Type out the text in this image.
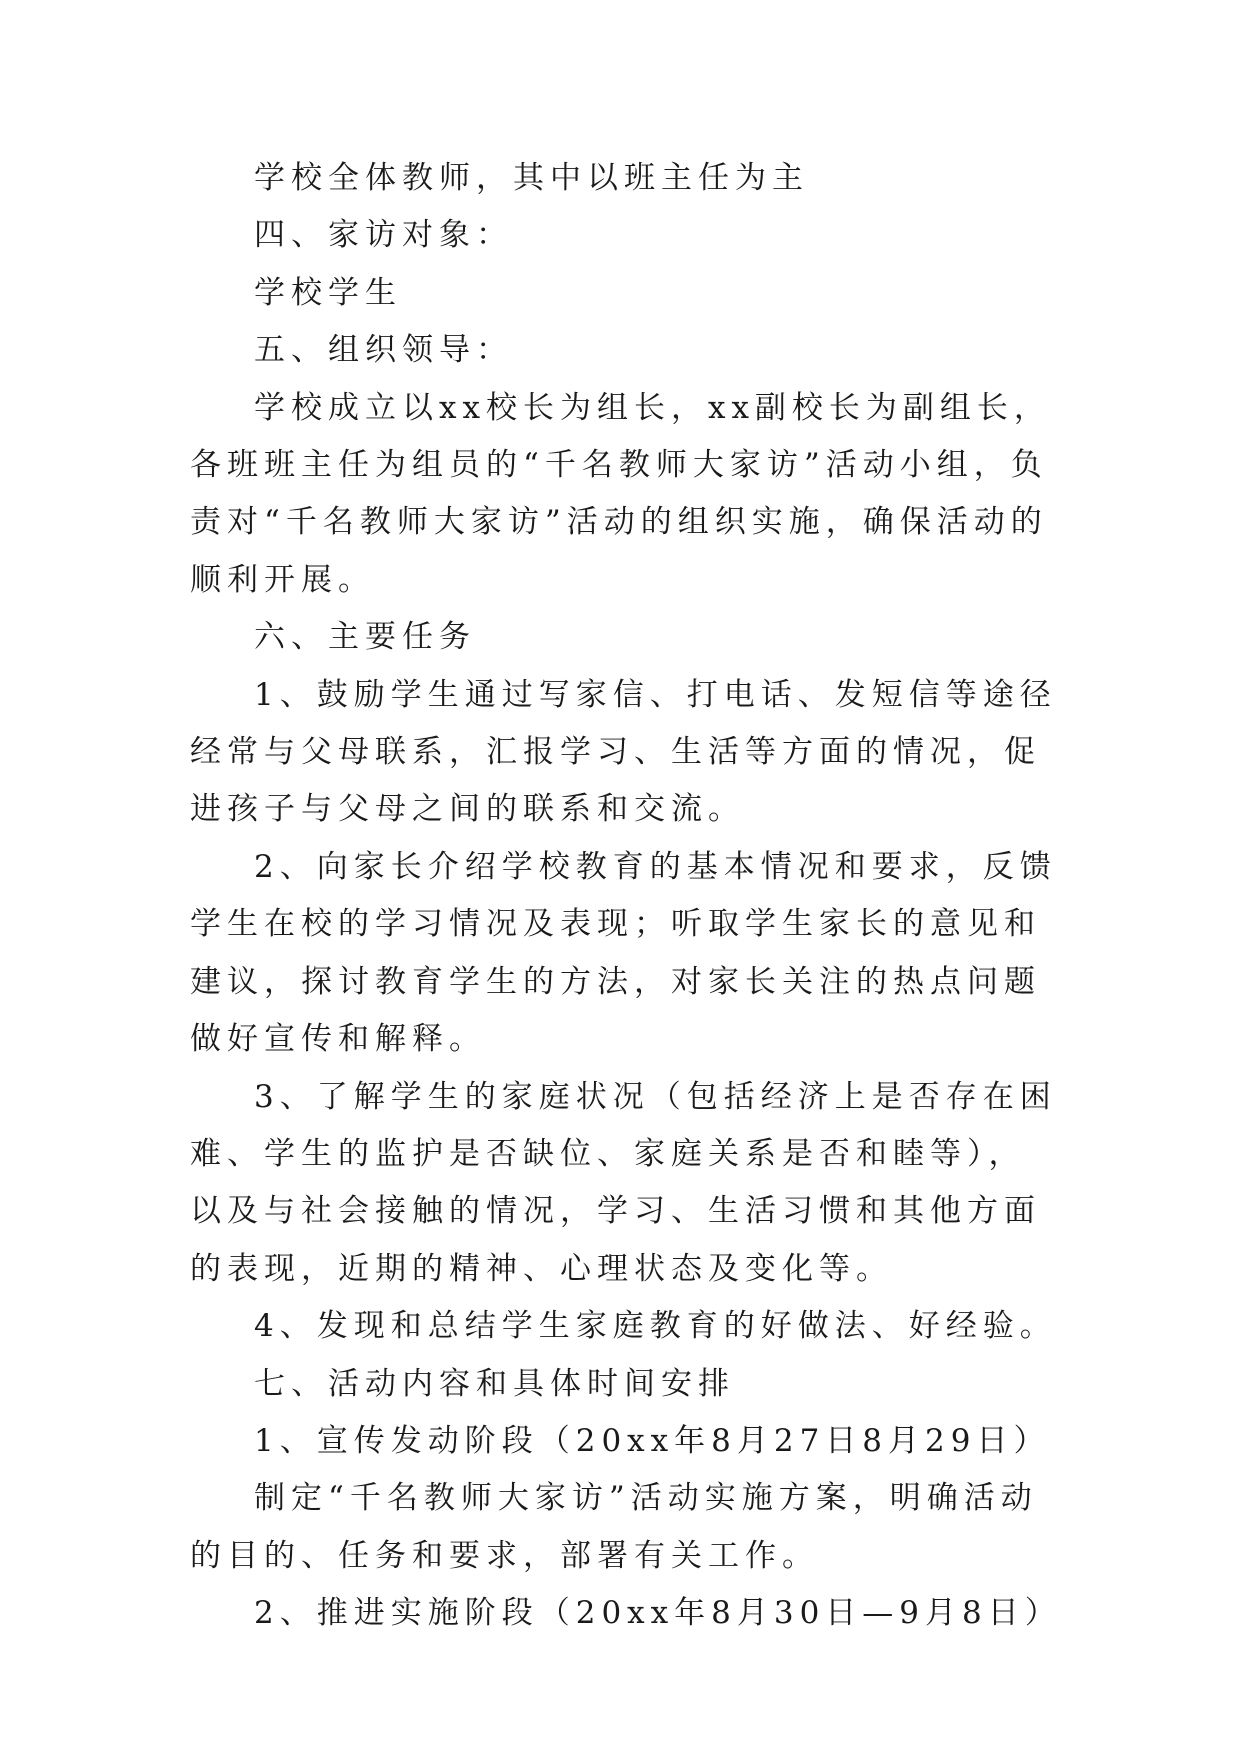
学校全体教师，其中以班主任为主

四、家访对象：

学校学生

五、组织领导：

学校成立以xx校长为组长，xx副校长为副组长，各班班主任为组员的“千名教师大家访”活动小组，负责对“千名教师大家访”活动的组织实施，确保活动的顺利开展。

六、主要任务

1、鼓励学生通过写家信、打电话、发短信等途径经常与父母联系，汇报学习、生活等方面的情况，促进孩子与父母之间的联系和交流。

2、向家长介绍学校教育的基本情况和要求，反馈学生在校的学习情况及表现；听取学生家长的意见和建议，探讨教育学生的方法，对家长关注的热点问题做好宣传和解释。

3、了解学生的家庭状况（包括经济上是否存在困难、学生的监护是否缺位、家庭关系是否和睦等），以及与社会接触的情况，学习、生活习惯和其他方面的表现，近期的精神、心理状态及变化等。

4、发现和总结学生家庭教育的好做法、好经验。

七、活动内容和具体时间安排

1、宣传发动阶段（20xx年8月27日8月29日）

制定“千名教师大家访”活动实施方案，明确活动的目的、任务和要求，部署有关工作。

2、推进实施阶段（20xx年8月30日—9月8日）
